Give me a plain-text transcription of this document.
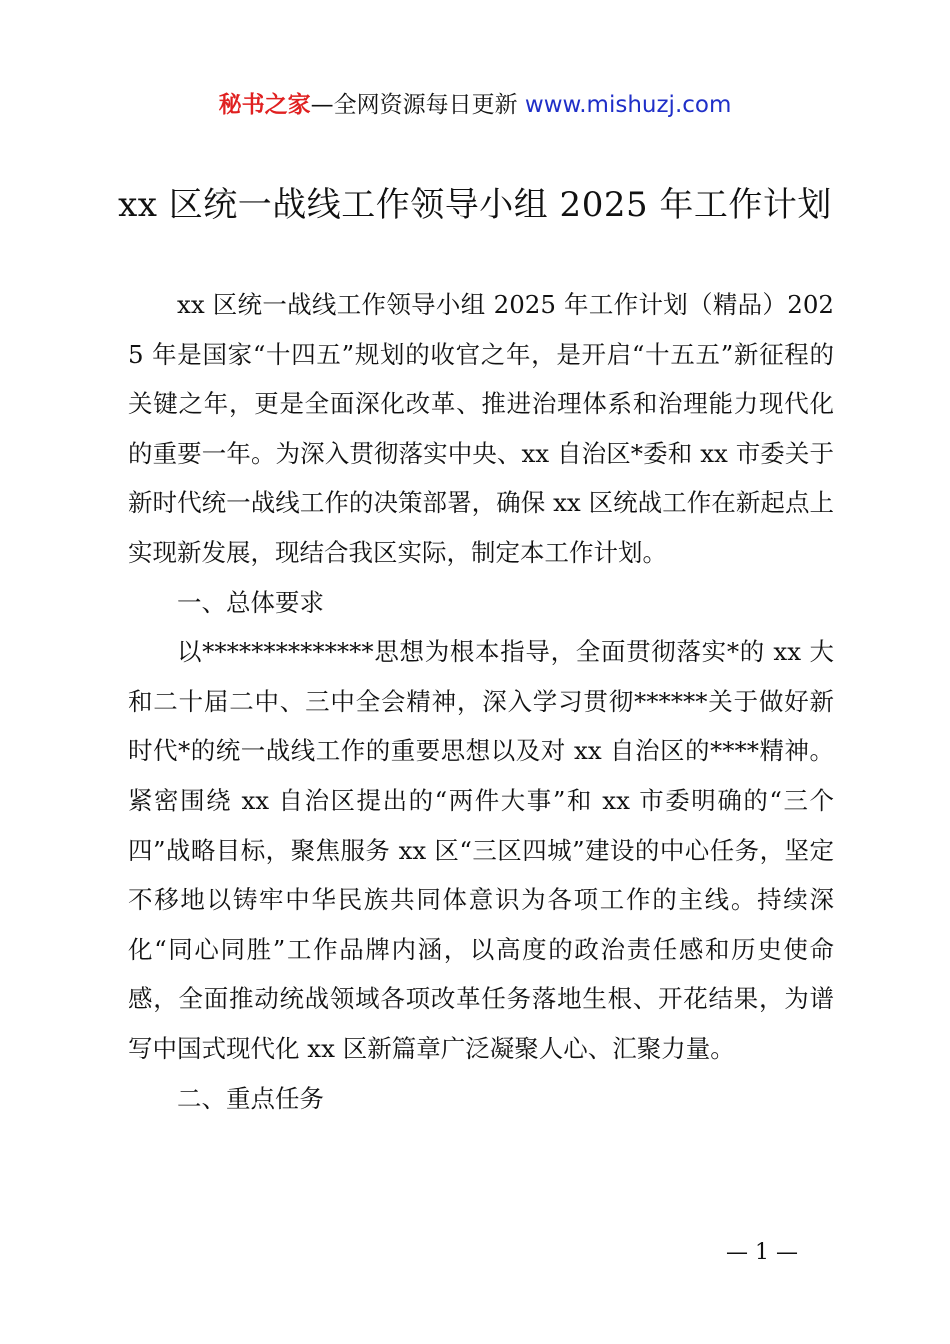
秘书之家—全网资源每日更新 www.mishuzj.com
xx 区统一战线工作领导小组 2025 年工作计划

xx 区统一战线工作领导小组 2025 年工作计划（精品）2025 年是国家“十四五”规划的收官之年，是开启“十五五”新征程的关键之年，更是全面深化改革、推进治理体系和治理能力现代化的重要一年。为深入贯彻落实中央、xx 自治区*委和 xx 市委关于新时代统一战线工作的决策部署，确保 xx 区统战工作在新起点上实现新发展，现结合我区实际，制定本工作计划。

一、总体要求

以**************思想为根本指导，全面贯彻落实*的 xx 大和二十届二中、三中全会精神，深入学习贯彻******关于做好新时代*的统一战线工作的重要思想以及对 xx 自治区的****精神。紧密围绕 xx 自治区提出的“两件大事”和 xx 市委明确的“三个四”战略目标，聚焦服务 xx 区“三区四城”建设的中心任务，坚定不移地以铸牢中华民族共同体意识为各项工作的主线。持续深化“同心同胜”工作品牌内涵，以高度的政治责任感和历史使命感，全面推动统战领域各项改革任务落地生根、开花结果，为谱写中国式现代化 xx 区新篇章广泛凝聚人心、汇聚力量。

二、重点任务

— 1 —
